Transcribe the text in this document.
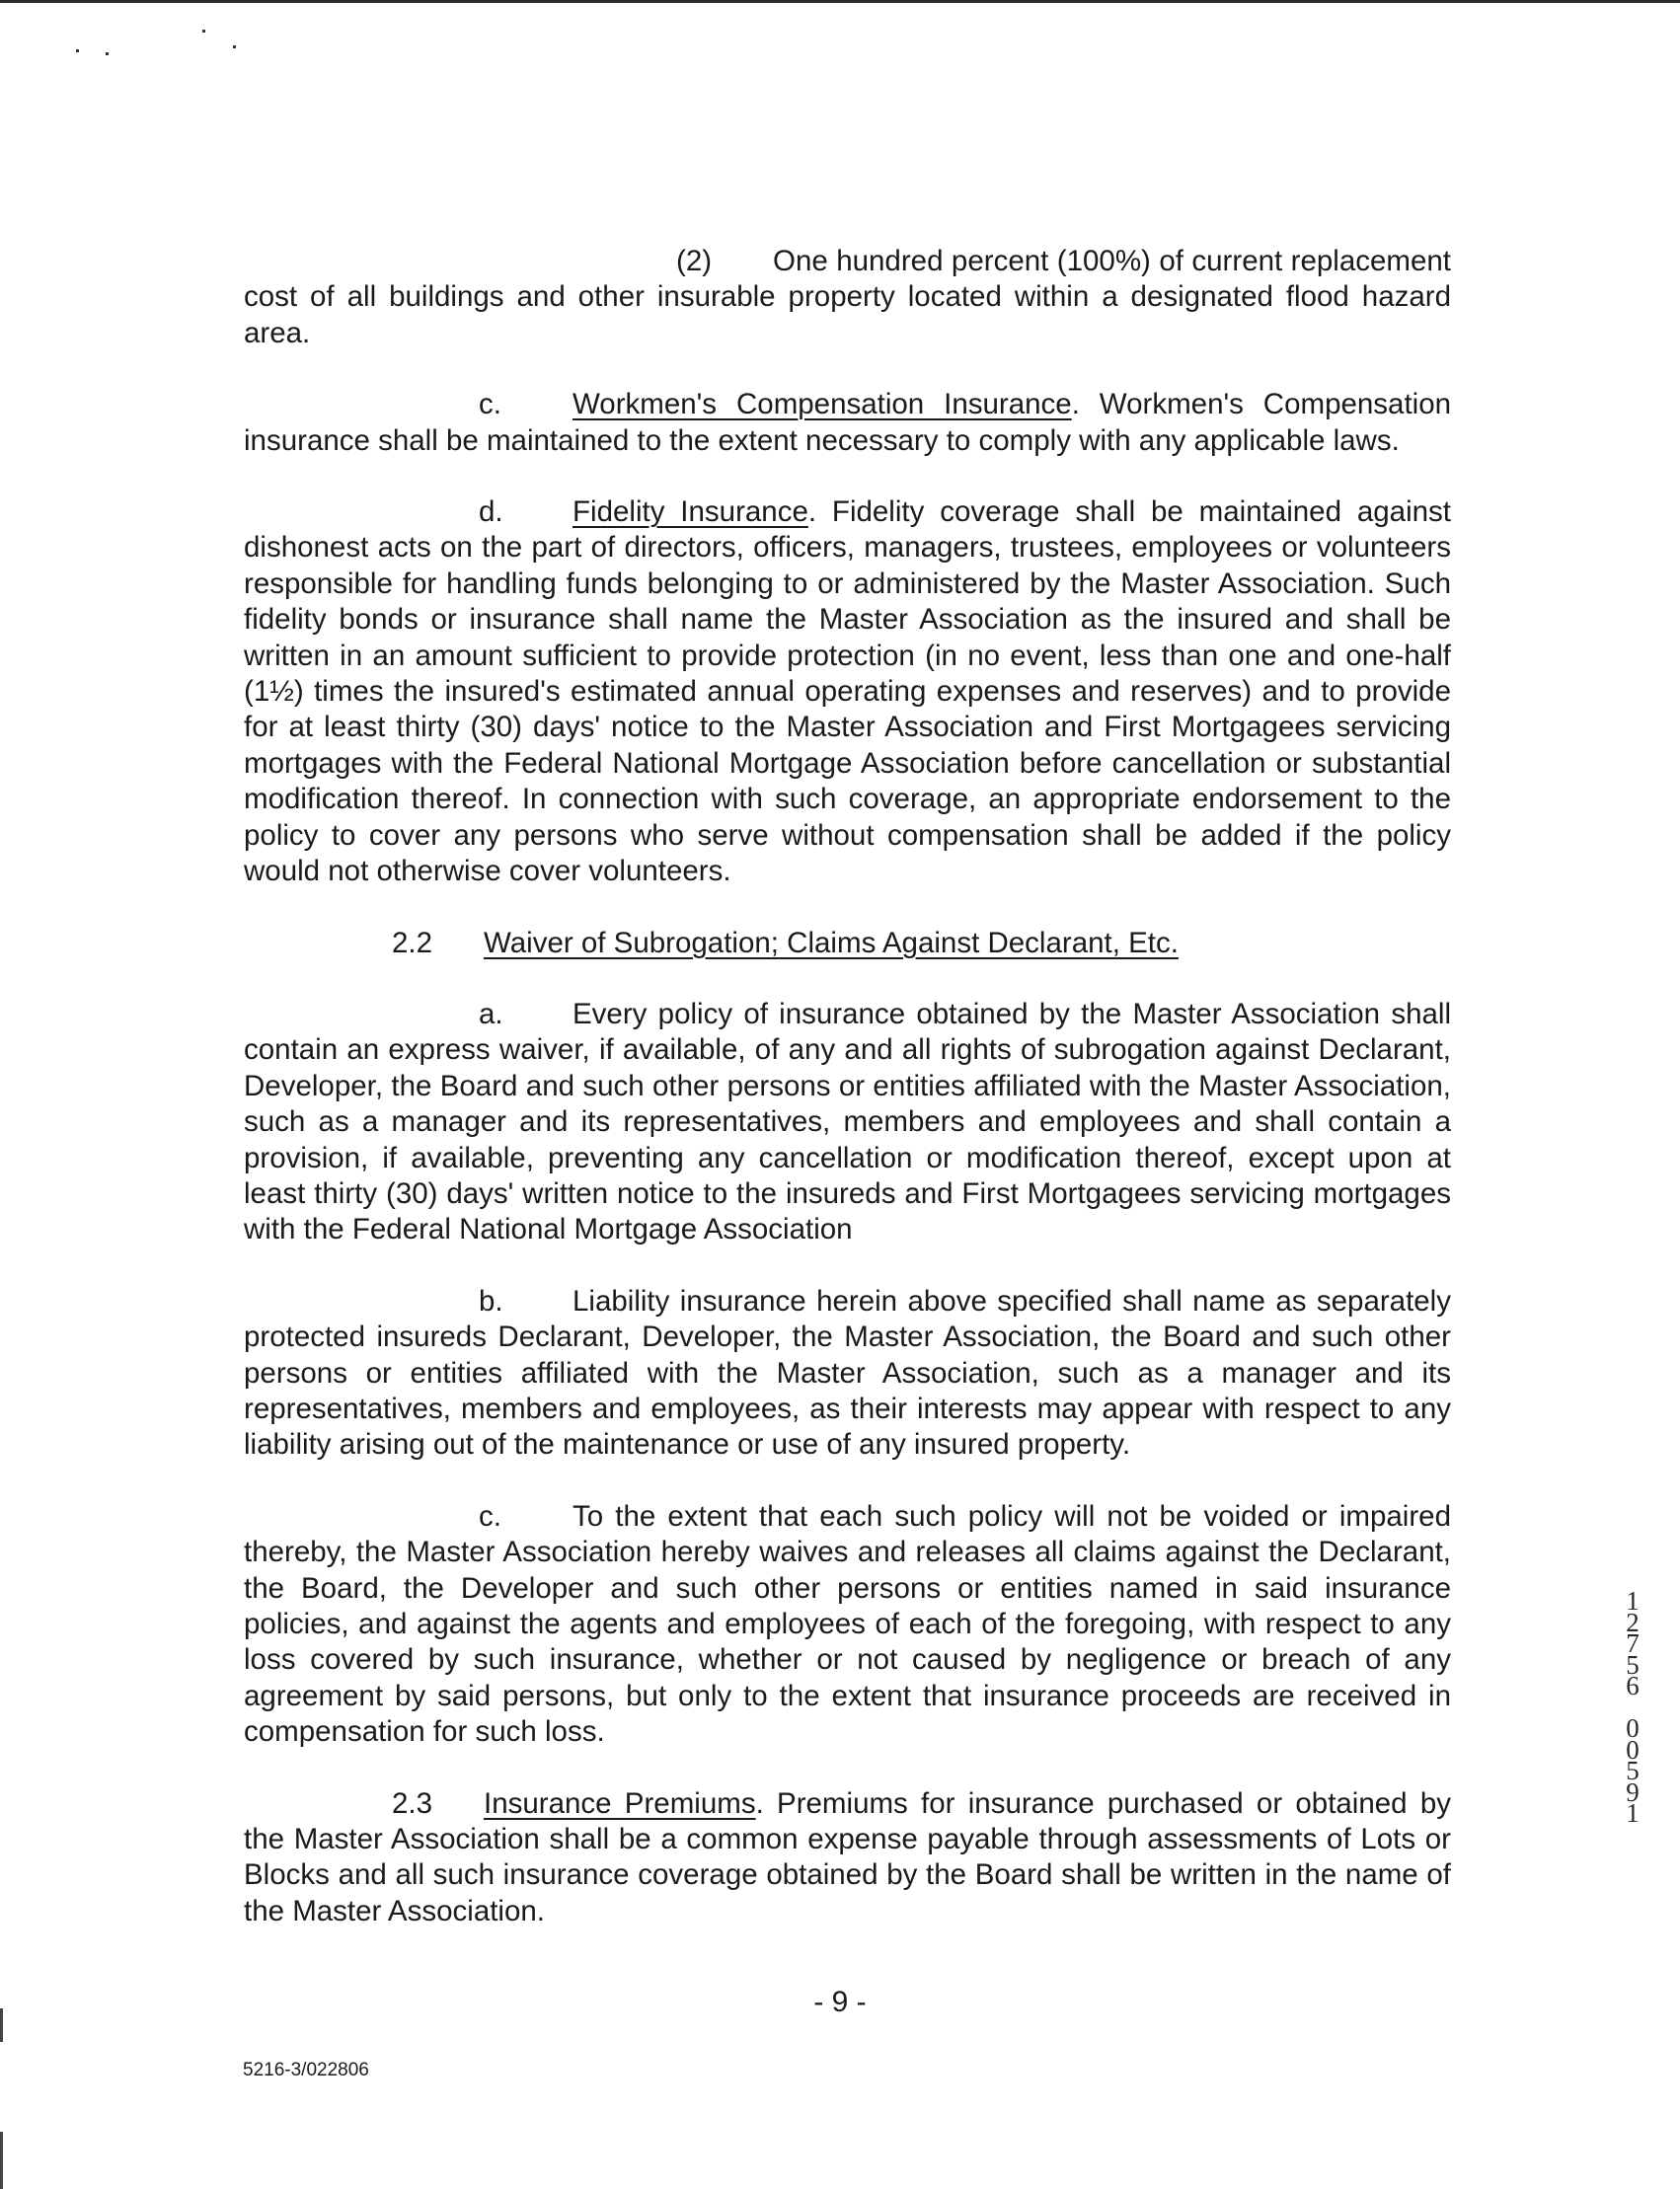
(2) One hundred percent (100%) of current replacement cost of all buildings and other insurable property located within a designated flood hazard area.

c. Workmen's Compensation Insurance. Workmen's Compensation insurance shall be maintained to the extent necessary to comply with any applicable laws.

d. Fidelity Insurance. Fidelity coverage shall be maintained against dishonest acts on the part of directors, officers, managers, trustees, employees or volunteers responsible for handling funds belonging to or administered by the Master Association. Such fidelity bonds or insurance shall name the Master Association as the insured and shall be written in an amount sufficient to provide protection (in no event, less than one and one-half (1½) times the insured's estimated annual operating expenses and reserves) and to provide for at least thirty (30) days' notice to the Master Association and First Mortgagees servicing mortgages with the Federal National Mortgage Association before cancellation or substantial modification thereof. In connection with such coverage, an appropriate endorsement to the policy to cover any persons who serve without compensation shall be added if the policy would not otherwise cover volunteers.

2.2 Waiver of Subrogation; Claims Against Declarant, Etc.

a. Every policy of insurance obtained by the Master Association shall contain an express waiver, if available, of any and all rights of subrogation against Declarant, Developer, the Board and such other persons or entities affiliated with the Master Association, such as a manager and its representatives, members and employees and shall contain a provision, if available, preventing any cancellation or modification thereof, except upon at least thirty (30) days' written notice to the insureds and First Mortgagees servicing mortgages with the Federal National Mortgage Association

b. Liability insurance herein above specified shall name as separately protected insureds Declarant, Developer, the Master Association, the Board and such other persons or entities affiliated with the Master Association, such as a manager and its representatives, members and employees, as their interests may appear with respect to any liability arising out of the maintenance or use of any insured property.

c. To the extent that each such policy will not be voided or impaired thereby, the Master Association hereby waives and releases all claims against the Declarant, the Board, the Developer and such other persons or entities named in said insurance policies, and against the agents and employees of each of the foregoing, with respect to any loss covered by such insurance, whether or not caused by negligence or breach of any agreement by said persons, but only to the extent that insurance proceeds are received in compensation for such loss.

2.3 Insurance Premiums. Premiums for insurance purchased or obtained by the Master Association shall be a common expense payable through assessments of Lots or Blocks and all such insurance coverage obtained by the Board shall be written in the name of the Master Association.

- 9 -
5216-3/022806
1
2
7
5
6

0
0
5
9
1
